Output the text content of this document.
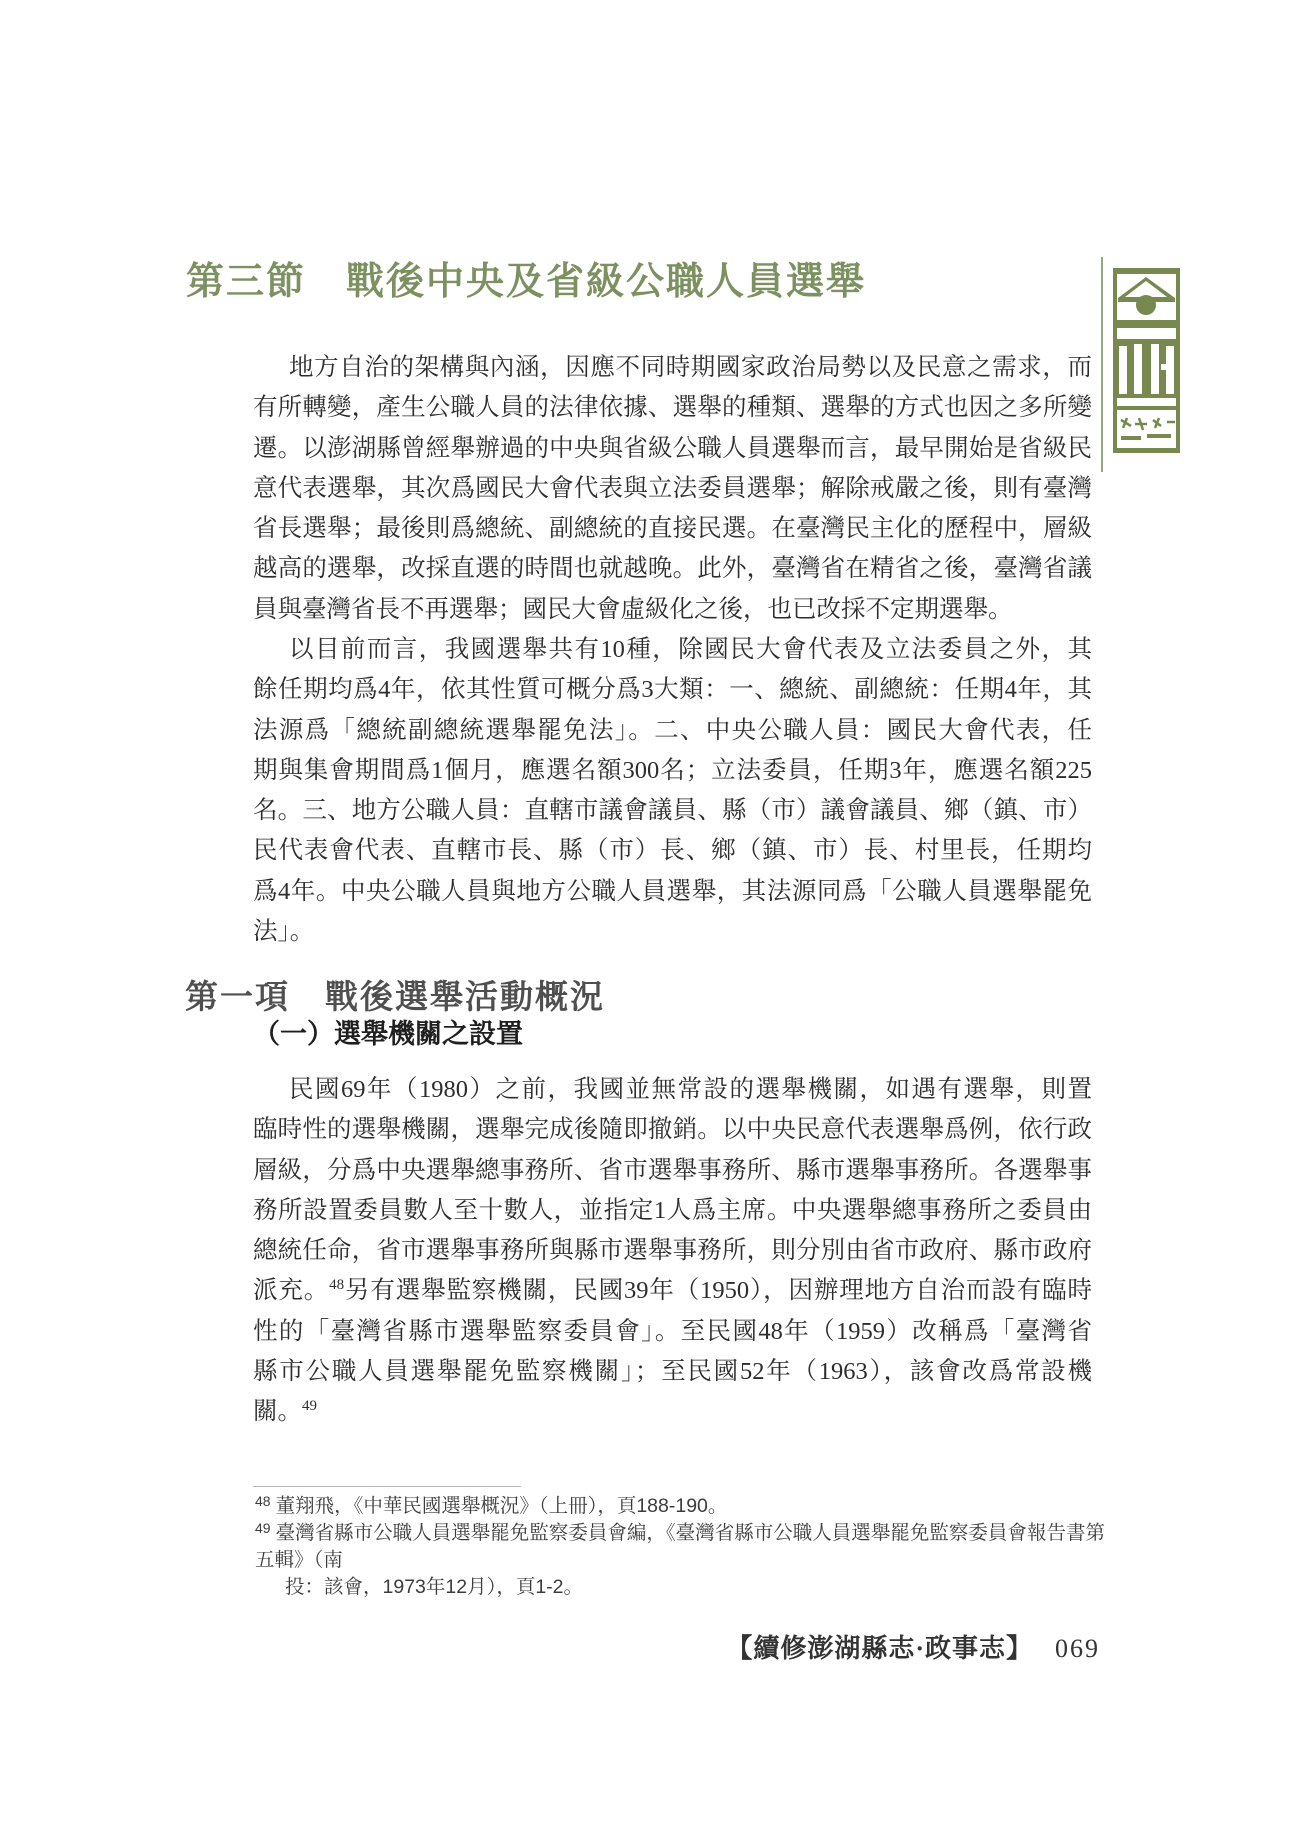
第三節　戰後中央及省級公職人員選舉
地方自治的架構與內涵，因應不同時期國家政治局勢以及民意之需求，而
有所轉變，產生公職人員的法律依據、選舉的種類、選舉的方式也因之多所變
遷。以澎湖縣曾經舉辦過的中央與省級公職人員選舉而言，最早開始是省級民
意代表選舉，其次爲國民大會代表與立法委員選舉；解除戒嚴之後，則有臺灣
省長選舉；最後則爲總統、副總統的直接民選。在臺灣民主化的歷程中，層級
越高的選舉，改採直選的時間也就越晚。此外，臺灣省在精省之後，臺灣省議
員與臺灣省長不再選舉；國民大會虛級化之後，也已改採不定期選舉。
以目前而言，我國選舉共有10種，除國民大會代表及立法委員之外，其
餘任期均爲4年，依其性質可概分爲3大類：一、總統、副總統：任期4年，其
法源爲「總統副總統選舉罷免法」。二、中央公職人員：國民大會代表，任
期與集會期間爲1個月，應選名額300名；立法委員，任期3年，應選名額225
名。三、地方公職人員：直轄市議會議員、縣（市）議會議員、鄉（鎮、市）
民代表會代表、直轄市長、縣（市）長、鄉（鎮、市）長、村里長，任期均
爲4年。中央公職人員與地方公職人員選舉，其法源同爲「公職人員選舉罷免
法」。
第一項　戰後選舉活動概況
（一）選舉機關之設置
民國69年（1980）之前，我國並無常設的選舉機關，如遇有選舉，則置
臨時性的選舉機關，選舉完成後隨即撤銷。以中央民意代表選舉爲例，依行政
層級，分爲中央選舉總事務所、省市選舉事務所、縣市選舉事務所。各選舉事
務所設置委員數人至十數人，並指定1人爲主席。中央選舉總事務所之委員由
總統任命，省市選舉事務所與縣市選舉事務所，則分別由省市政府、縣市政府
派充。$^{48}$另有選舉監察機關，民國39年（1950），因辦理地方自治而設有臨時
性的「臺灣省縣市選舉監察委員會」。至民國48年（1959）改稱爲「臺灣省
縣市公職人員選舉罷免監察機關」；至民國52年（1963），該會改爲常設機
關。$^{49}$
$^{48}$ 董翔飛，《中華民國選舉概況》（上冊），頁188-190。
$^{49}$ 臺灣省縣市公職人員選舉罷免監察委員會編，《臺灣省縣市公職人員選舉罷免監察委員會報告書第五輯》（南
投：該會，1973年12月），頁1-2。
【續修澎湖縣志·政事志】 069
